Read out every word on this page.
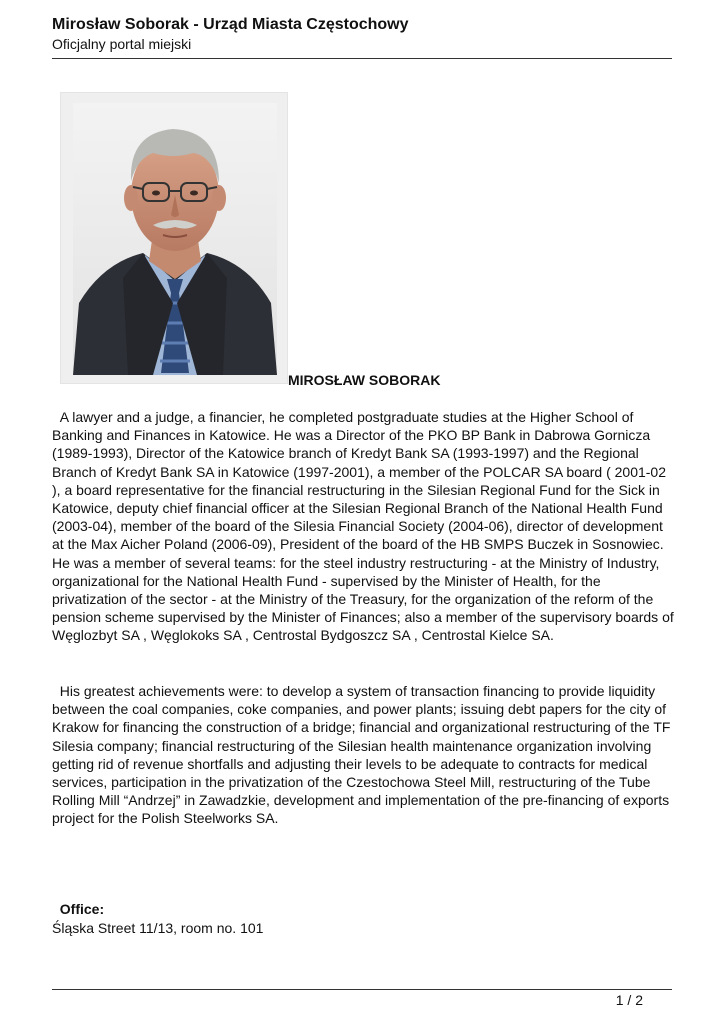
Mirosław Soborak - Urząd Miasta Częstochowy
Oficjalny portal miejski
MIROSŁAW SOBORAK

A lawyer and a judge, a financier, he completed postgraduate studies at the Higher School of Banking and Finances in Katowice. He was a Director of the PKO BP Bank in Dabrowa Gornicza (1989-1993), Director of the Katowice branch of Kredyt Bank SA (1993-1997) and the Regional Branch of Kredyt Bank SA in Katowice (1997-2001), a member of the POLCAR SA board ( 2001-02 ), a board representative for the financial restructuring in the Silesian Regional Fund for the Sick in Katowice, deputy chief financial officer at the Silesian Regional Branch of the National Health Fund (2003-04), member of the board of the Silesia Financial Society (2004-06), director of development at the Max Aicher Poland (2006-09), President of the board of the HB SMPS Buczek in Sosnowiec. He was a member of several teams: for the steel industry restructuring - at the Ministry of Industry, organizational for the National Health Fund - supervised by the Minister of Health, for the privatization of the sector - at the Ministry of the Treasury, for the organization of the reform of the pension scheme supervised by the Minister of Finances; also a member of the supervisory boards of Węglozbyt SA , Węglokoks SA , Centrostal Bydgoszcz SA , Centrostal Kielce SA.

His greatest achievements were: to develop a system of transaction financing to provide liquidity between the coal companies, coke companies, and power plants; issuing debt papers for the city of Krakow for financing the construction of a bridge; financial and organizational restructuring of the TF Silesia company; financial restructuring of the Silesian health maintenance organization involving getting rid of revenue shortfalls and adjusting their levels to be adequate to contracts for medical services, participation in the privatization of the Czestochowa Steel Mill, restructuring of the Tube Rolling Mill “Andrzej” in Zawadzkie, development and implementation of the pre-financing of exports project for the Polish Steelworks SA.

Office:
Śląska Street 11/13, room no. 101
1 / 2
